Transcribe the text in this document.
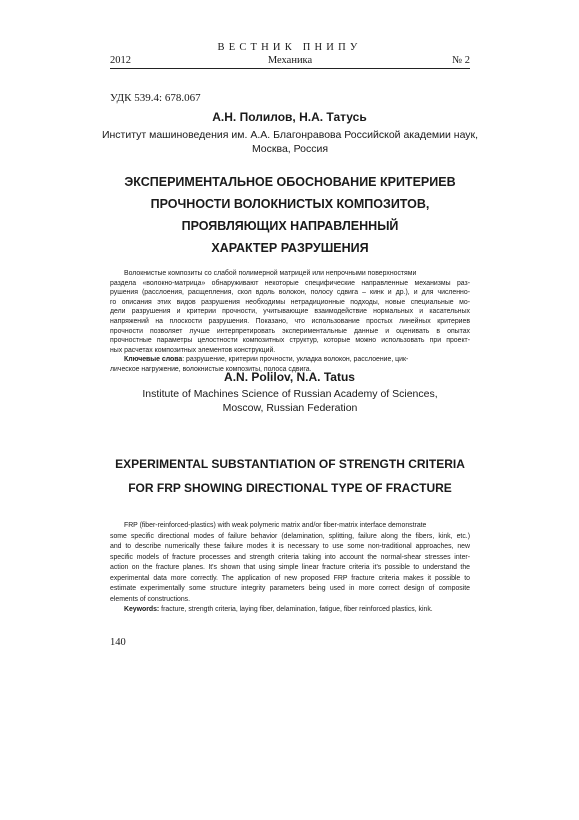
ВЕСТНИК ПНИПУ
2012	Механика	№ 2
УДК 539.4: 678.067
А.Н. Полилов, Н.А. Татусь
Институт машиноведения им. А.А. Благонравова Российской академии наук,
Москва, Россия
ЭКСПЕРИМЕНТАЛЬНОЕ ОБОСНОВАНИЕ КРИТЕРИЕВ
ПРОЧНОСТИ ВОЛОКНИСТЫХ КОМПОЗИТОВ,
ПРОЯВЛЯЮЩИХ НАПРАВЛЕННЫЙ
ХАРАКТЕР РАЗРУШЕНИЯ
Волокнистые композиты со слабой полимерной матрицей или непрочными поверхностями
раздела «волокно-матрица» обнаруживают некоторые специфические направленные механизмы раз-
рушения (расслоения, расщепления, скол вдоль волокон, полосу сдвига – кинк и др.), и для численно-
го описания этих видов разрушения необходимы нетрадиционные подходы, новые специальные мо-
дели разрушения и критерии прочности, учитывающие взаимодействие нормальных и касательных
напряжений на плоскости разрушения. Показано, что использование простых линейных критериев
прочности позволяет лучше интерпретировать экспериментальные данные и оценивать в опытах
прочностные параметры целостности композитных структур, которые можно использовать при проект-
ных расчетах композитных элементов конструкций.
Ключевые слова: разрушение, критерии прочности, укладка волокон, расслоение, цик-
лическое нагружение, волокнистые композиты, полоса сдвига.
A.N. Polilov, N.A. Tatus
Institute of Machines Science of Russian Academy of Sciences,
Moscow, Russian Federation
EXPERIMENTAL SUBSTANTIATION OF STRENGTH CRITERIA
FOR FRP SHOWING DIRECTIONAL TYPE OF FRACTURE
FRP (fiber-reinforced-plastics) with weak polymeric matrix and/or fiber-matrix interface demonstrate
some specific directional modes of failure behavior (delamination, splitting, failure along the fibers, kink, etc.)
and to describe numerically these failure modes it is necessary to use some non-traditional approaches, new
specific models of fracture processes and strength criteria taking into account the normal-shear stresses inter-
action on the fracture planes. It's shown that using simple linear fracture criteria it's possible to understand the
experimental data more correctly. The application of new proposed FRP fracture criteria makes it possible to
estimate experimentally some structure integrity parameters being used in more correct design of composite
elements of constructions.
Keywords: fracture, strength criteria, laying fiber, delamination, fatigue, fiber reinforced plastics, kink.
140
